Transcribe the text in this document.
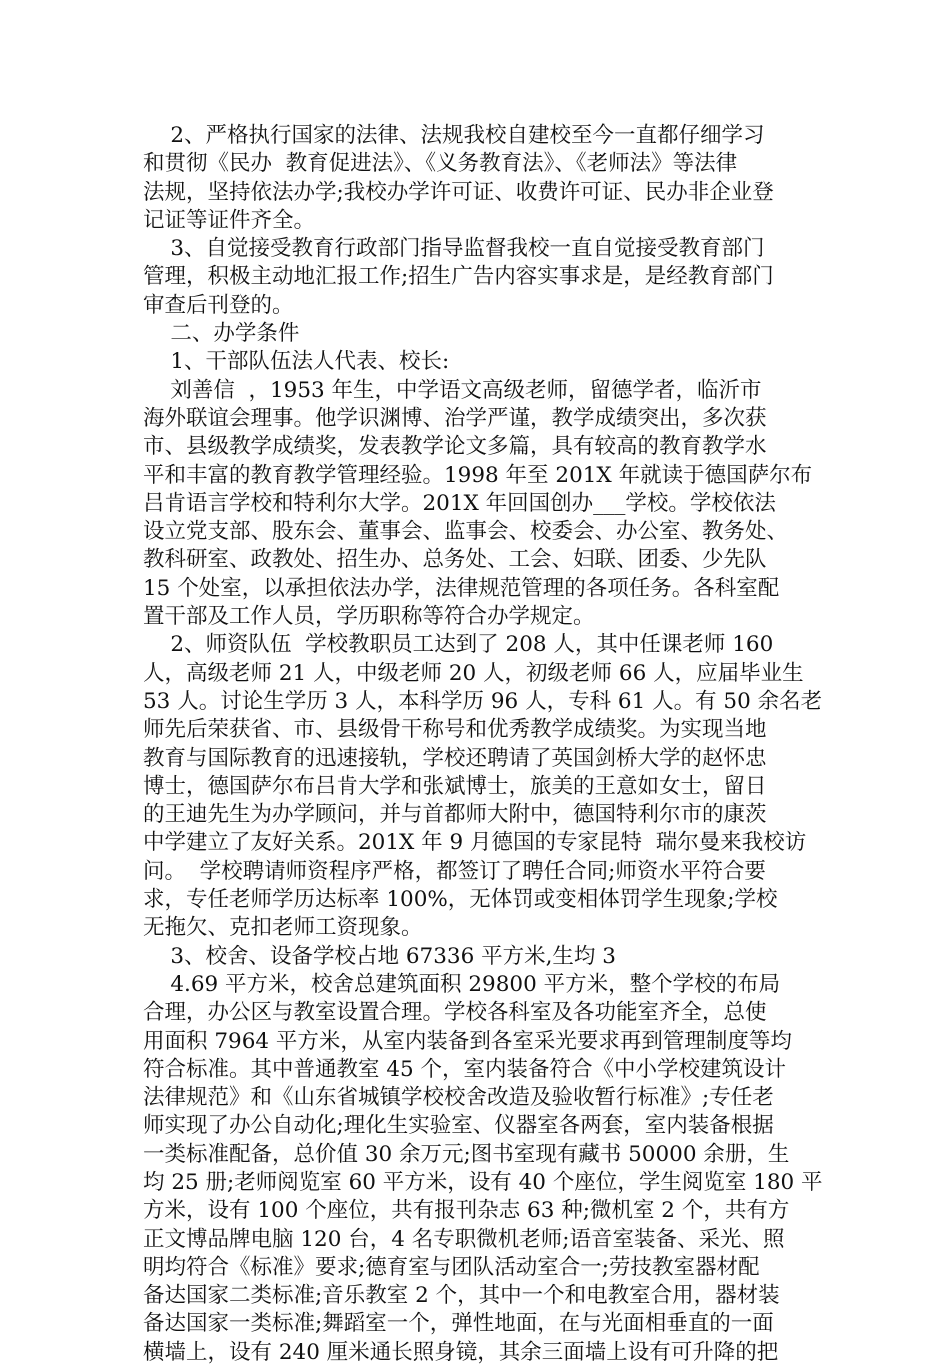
2、严格执行国家的法律、法规我校自建校至今一直都仔细学习
和贯彻《民办  教育促进法》、《义务教育法》、《老师法》等法律
法规，坚持依法办学;我校办学许可证、收费许可证、民办非企业登
记证等证件齐全。
3、自觉接受教育行政部门指导监督我校一直自觉接受教育部门
管理，积极主动地汇报工作;招生广告内容实事求是，是经教育部门
审查后刊登的。
二、办学条件
1、干部队伍法人代表、校长:
刘善信  ，1953 年生，中学语文高级老师，留德学者，临沂市
海外联谊会理事。他学识渊博、治学严谨，教学成绩突出，多次获
市、县级教学成绩奖，发表教学论文多篇，具有较高的教育教学水
平和丰富的教育教学管理经验。1998 年至 201X 年就读于德国萨尔布
吕肯语言学校和特利尔大学。201X 年回国创办___学校。学校依法
设立党支部、股东会、董事会、监事会、校委会、办公室、教务处、
教科研室、政教处、招生办、总务处、工会、妇联、团委、少先队
15 个处室，以承担依法办学，法律规范管理的各项任务。各科室配
置干部及工作人员，学历职称等符合办学规定。
2、师资队伍  学校教职员工达到了 208 人，其中任课老师 160
人，高级老师 21 人，中级老师 20 人，初级老师 66 人，应届毕业生
53 人。讨论生学历 3 人，本科学历 96 人，专科 61 人。有 50 余名老
师先后荣获省、市、县级骨干称号和优秀教学成绩奖。为实现当地
教育与国际教育的迅速接轨，学校还聘请了英国剑桥大学的赵怀忠
博士，德国萨尔布吕肯大学和张斌博士，旅美的王意如女士，留日
的王迪先生为办学顾问，并与首都师大附中，德国特利尔市的康茨
中学建立了友好关系。201X 年 9 月德国的专家昆特  瑞尔曼来我校访
问。  学校聘请师资程序严格，都签订了聘任合同;师资水平符合要
求，专任老师学历达标率 100%，无体罚或变相体罚学生现象;学校
无拖欠、克扣老师工资现象。
3、校舍、设备学校占地 67336 平方米,生均 3
4.69 平方米，校舍总建筑面积 29800 平方米，整个学校的布局
合理，办公区与教室设置合理。学校各科室及各功能室齐全，总使
用面积 7964 平方米，从室内装备到各室采光要求再到管理制度等均
符合标准。其中普通教室 45 个，室内装备符合《中小学校建筑设计
法律规范》和《山东省城镇学校校舍改造及验收暂行标准》;专任老
师实现了办公自动化;理化生实验室、仪器室各两套，室内装备根据
一类标准配备，总价值 30 余万元;图书室现有藏书 50000 余册，生
均 25 册;老师阅览室 60 平方米，设有 40 个座位，学生阅览室 180 平
方米，设有 100 个座位，共有报刊杂志 63 种;微机室 2 个，共有方
正文博品牌电脑 120 台，4 名专职微机老师;语音室装备、采光、照
明均符合《标准》要求;德育室与团队活动室合一;劳技教室器材配
备达国家二类标准;音乐教室 2 个，其中一个和电教室合用，器材装
备达国家一类标准;舞蹈室一个，弹性地面，在与光面相垂直的一面
横墙上，设有 240 厘米通长照身镜，其余三面墙上设有可升降的把
